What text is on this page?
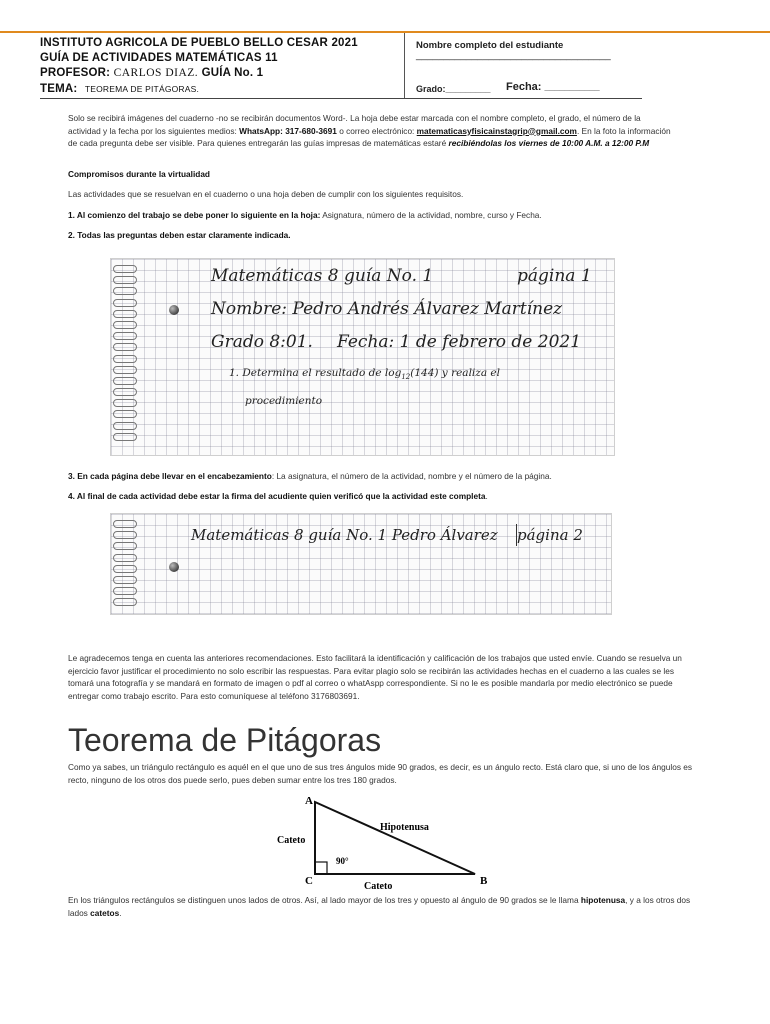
INSTITUTO AGRICOLA DE PUEBLO BELLO CESAR 2021
GUÍA DE ACTIVIDADES MATEMÁTICAS 11
PROFESOR: CARLOS DIAZ. GUÍA No. 1
TEMA: TEOREMA DE PITÁGORAS.
Nombre completo del estudiante
___________________________________
Grado:_________ Fecha: ___________
Solo se recibirá imágenes del cuaderno -no se recibirán documentos Word-. La hoja debe estar marcada con el nombre completo, el grado, el número de la actividad y la fecha por los siguientes medios: WhatsApp: 317-680-3691 o correo electrónico: matematicasyfisicainstagrip@gmail.com. En la foto la información de cada pregunta debe ser visible. Para quienes entregarán las guías impresas de matemáticas estaré recibiéndolas los viernes de 10:00 A.M. a 12:00 P.M
Compromisos durante la virtualidad
Las actividades que se resuelvan en el cuaderno o una hoja deben de cumplir con los siguientes requisitos.
1. Al comienzo del trabajo se debe poner lo siguiente en la hoja: Asignatura, número de la actividad, nombre, curso y Fecha.
2. Todas las preguntas deben estar claramente indicada.
Matemáticas 8 guía No. 1	página 1
Nombre: Pedro Andrés Álvarez Martínez
Grado 8:01. Fecha: 1 de febrero de 2021
1. Determina el resultado de $\log_{12}(144)$ y realiza el
procedimiento
3. En cada página debe llevar en el encabezamiento: La asignatura, el número de la actividad, nombre y el número de la página.
4. Al final de cada actividad debe estar la firma del acudiente quien verificó que la actividad este completa.
Matemáticas 8 guía No. 1 Pedro Álvarez página 2
Le agradecemos tenga en cuenta las anteriores recomendaciones. Esto facilitará la identificación y calificación de los trabajos que usted envíe. Cuando se resuelva un ejercicio favor justificar el procedimiento no solo escribir las respuestas. Para evitar plagio solo se recibirán las actividades hechas en el cuaderno a las cuales se les tomará una fotografía y se mandará en formato de imagen o pdf al correo o whatAspp correspondiente. Si no le es posible mandarla por medio electrónico se puede entregar como trabajo escrito. Para esto comuníquese al teléfono 3176803691.
Teorema de Pitágoras
Como ya sabes, un triángulo rectángulo es aquél en el que uno de sus tres ángulos mide 90 grados, es decir, es un ángulo recto. Está claro que, si uno de los ángulos es recto, ninguno de los otros dos puede serlo, pues deben sumar entre los tres 180 grados.
A
B
C
Cateto
Cateto
Hipotenusa
90°
En los triángulos rectángulos se distinguen unos lados de otros. Así, al lado mayor de los tres y opuesto al ángulo de 90 grados se le llama hipotenusa, y a los otros dos lados catetos.
